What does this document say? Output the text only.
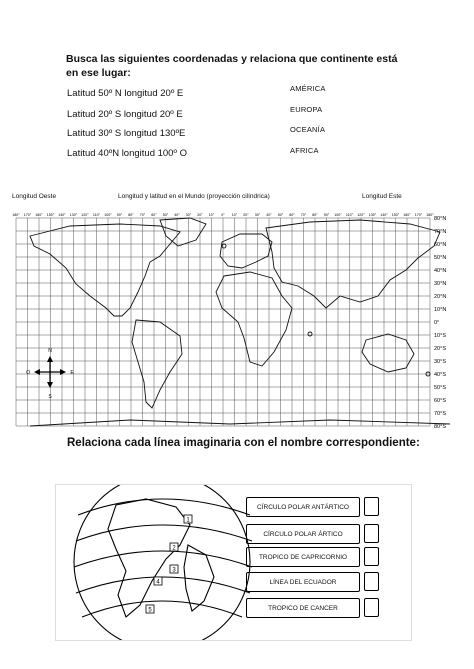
Busca las siguientes coordenadas y relaciona que continente está en ese lugar:
Latitud 50º N longitud 20º E
Latitud 20º S longitud 20º E
Latitud 30º S longitud 130ºE
Latitud 40ºN longitud 100º O
AMÉRICA
EUROPA
OCEANÍA
AFRICA
Longitud Oeste	Longitud y latitud en el Mundo (proyección cilíndrica)	Longitud Este
180° 170° 160° 150° 140° 130° 120° 110° 100° 90° 80° 70° 60° 50° 40° 30° 20° 10° 0° 10° 20° 30° 40° 50° 60° 70° 80° 90° 100° 110° 120° 130° 140° 150° 160° 170° 180°
80°N
70°N
60°N
50°N
40°N
30°N
20°N
10°N
0°
10°S
20°S
30°S
40°S
50°S
60°S
70°S
80°S
N
S
E
O
Relaciona cada línea imaginaria con el nombre correspondiente:
1
2
3
4
5
CÍRCULO POLAR ANTÁRTICO
CÍRCULO POLAR ÁRTICO
TROPICO DE CAPRICORNIO
LÍNEA DEL ECUADOR
TROPICO DE CANCER
